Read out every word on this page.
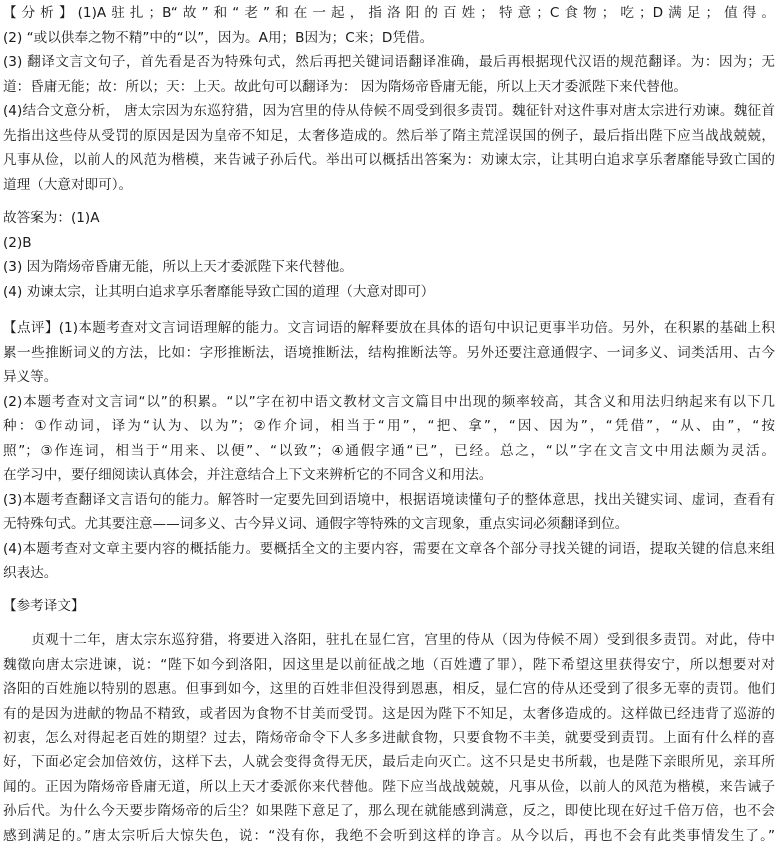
【分析】(1)A驻扎；B“故”和“老”和在一起，指洛阳的百姓；特意；C食物；吃；D满足；值得。
(2) “或以供奉之物不精”中的“以”，因为。A用；B因为；C来；D凭借。
(3) 翻译文言文句子，首先看是否为特殊句式，然后再把关键词语翻译准确，最后再根据现代汉语的规范翻译。为：因为；无
道：昏庸无能；故：所以；天：上天。故此句可以翻译为： 因为隋炀帝昏庸无能，所以上天才委派陛下来代替他。
(4)结合文意分析， 唐太宗因为东巡狩猎，因为宫里的侍从侍候不周受到很多责罚。魏征针对这件事对唐太宗进行劝谏。魏征首
先指出这些侍从受罚的原因是因为皇帝不知足，太奢侈造成的。然后举了隋主荒淫误国的例子，最后指出陛下应当战战兢兢，
凡事从俭，以前人的风范为楷模，来告诫子孙后代。举出可以概括出答案为：劝谏太宗，让其明白追求享乐奢靡能导致亡国的
道理（大意对即可）。
故答案为：(1)A
(2)B
(3) 因为隋炀帝昏庸无能，所以上天才委派陛下来代替他。
(4) 劝谏太宗，让其明白追求享乐奢靡能导致亡国的道理（大意对即可）
【点评】(1)本题考查对文言词语理解的能力。文言词语的解释要放在具体的语句中识记更事半功倍。另外，在积累的基础上积
累一些推断词义的方法，比如：字形推断法，语境推断法，结构推断法等。另外还要注意通假字、一词多义、词类活用、古今
异义等。
(2)本题考查对文言词“以”的积累。“以”字在初中语文教材文言文篇目中出现的频率较高，其含义和用法归纳起来有以下几
种：①作动词，译为“认为、以为”；②作介词，相当于“用”，“把、拿”，“因、因为”，“凭借”，“从、由”，“按
照”；③作连词，相当于“用来、以便”、“以致”；④通假字通“已”，已经。总之，“以”字在文言文中用法颇为灵活。
在学习中，要仔细阅读认真体会，并注意结合上下文来辨析它的不同含义和用法。
(3)本题考查翻译文言语句的能力。解答时一定要先回到语境中，根据语境读懂句子的整体意思，找出关键实词、虚词，查看有
无特殊句式。尤其要注意——词多义、古今异义词、通假字等特殊的文言现象，重点实词必须翻译到位。
(4)本题考查对文章主要内容的概括能力。要概括全文的主要内容，需要在文章各个部分寻找关键的词语，提取关键的信息来组
织表达。
【参考译文】
　　贞观十二年，唐太宗东巡狩猎，将要进入洛阳，驻扎在显仁宫，宫里的侍从（因为侍候不周）受到很多责罚。对此，侍中
魏徵向唐太宗进谏，说：“陛下如今到洛阳，因这里是以前征战之地（百姓遭了罪），陛下希望这里获得安宁，所以想要对对
洛阳的百姓施以特别的恩惠。但事到如今，这里的百姓非但没得到恩惠，相反，显仁宫的侍从还受到了很多无辜的责罚。他们
有的是因为进献的物品不精致，或者因为食物不甘美而受罚。这是因为陛下不知足，太奢侈造成的。这样做已经违背了巡游的
初衷，怎么对得起老百姓的期望？过去，隋炀帝命令下人多多进献食物，只要食物不丰美，就要受到责罚。上面有什么样的喜
好，下面必定会加倍效仿，这样下去，人就会变得贪得无厌，最后走向灭亡。这不只是史书所载，也是陛下亲眼所见，亲耳所
闻的。正因为隋炀帝昏庸无道，所以上天才委派你来代替他。陛下应当战战兢兢，凡事从俭，以前人的风范为楷模，来告诫子
孙后代。为什么今天要步隋炀帝的后尘？如果陛下意足了，那么现在就能感到满意，反之，即使比现在好过千倍万倍，也不会
感到满足的。”唐太宗听后大惊失色，说：“没有你，我绝不会听到这样的诤言。从今以后，再也不会有此类事情发生了。”
